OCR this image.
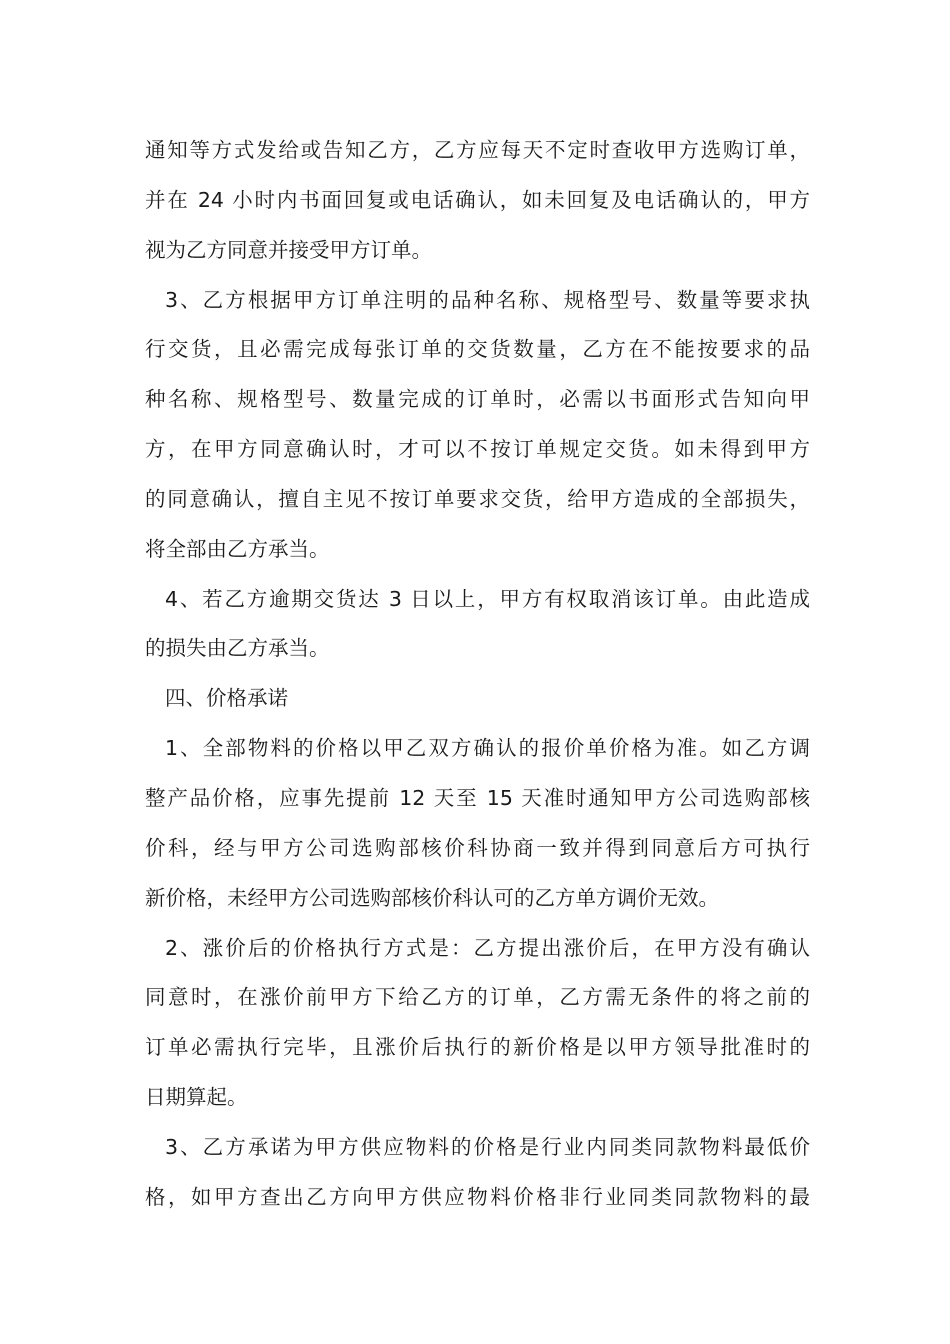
通知等方式发给或告知乙方，乙方应每天不定时查收甲方选购订单，
并在 24 小时内书面回复或电话确认，如未回复及电话确认的，甲方
视为乙方同意并接受甲方订单。
3、乙方根据甲方订单注明的品种名称、规格型号、数量等要求执
行交货，且必需完成每张订单的交货数量，乙方在不能按要求的品
种名称、规格型号、数量完成的订单时，必需以书面形式告知向甲
方，在甲方同意确认时，才可以不按订单规定交货。如未得到甲方
的同意确认，擅自主见不按订单要求交货，给甲方造成的全部损失，
将全部由乙方承当。
4、若乙方逾期交货达 3 日以上，甲方有权取消该订单。由此造成
的损失由乙方承当。
四、价格承诺
1、全部物料的价格以甲乙双方确认的报价单价格为准。如乙方调
整产品价格，应事先提前 12 天至 15 天准时通知甲方公司选购部核
价科，经与甲方公司选购部核价科协商一致并得到同意后方可执行
新价格，未经甲方公司选购部核价科认可的乙方单方调价无效。
2、涨价后的价格执行方式是：乙方提出涨价后，在甲方没有确认
同意时，在涨价前甲方下给乙方的订单，乙方需无条件的将之前的
订单必需执行完毕，且涨价后执行的新价格是以甲方领导批准时的
日期算起。
3、乙方承诺为甲方供应物料的价格是行业内同类同款物料最低价
格，如甲方查出乙方向甲方供应物料价格非行业同类同款物料的最
